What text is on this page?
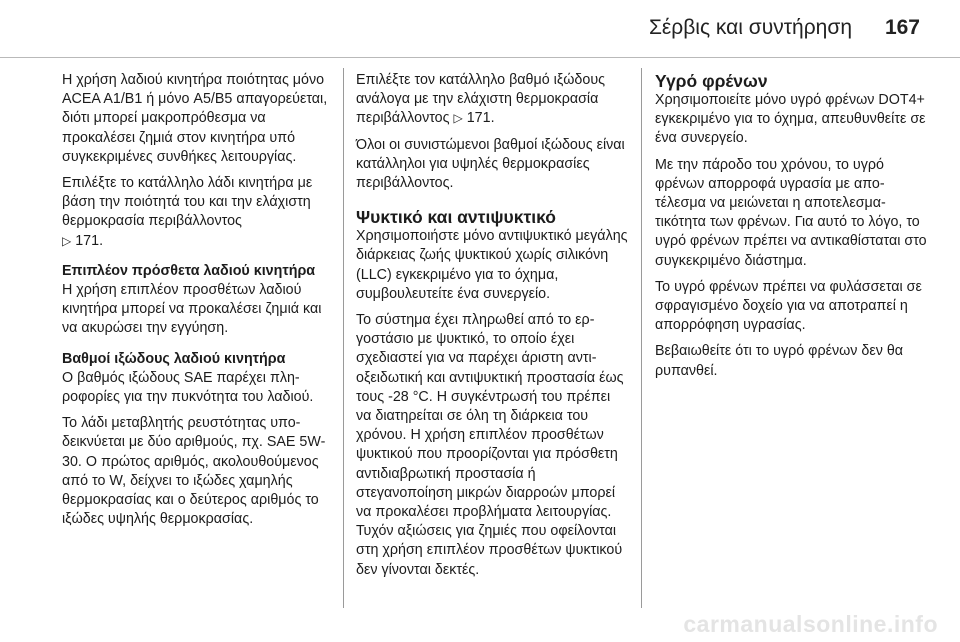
Σέρβις και συντήρηση 167

Η χρήση λαδιού κινητήρα ποιότητας μόνο ACEA A1/B1 ή μόνο A5/B5 απαγορεύεται, διότι μπορεί μακροπρόθεσμα να προκαλέσει ζημιά στον κινητήρα υπό συγκεκριμένες συνθήκες λειτουργίας.

Επιλέξτε το κατάλληλο λάδι κινητήρα με βάση την ποιότητά του και την ελάχιστη θερμοκρασία περιβάλλοντος
▷ 171.

Επιπλέον πρόσθετα λαδιού κινητήρα

Η χρήση επιπλέον προσθέτων λαδιού κινητήρα μπορεί να προκαλέσει ζημιά και να ακυρώσει την εγγύηση.

Βαθμοί ιξώδους λαδιού κινητήρα

Ο βαθμός ιξώδους SAE παρέχει πληροφορίες για την πυκνότητα του λαδιού.

Το λάδι μεταβλητής ρευστότητας υποδεικνύεται με δύο αριθμούς, πχ. SAE 5W-30. Ο πρώτος αριθμός, ακολουθούμενος από το W, δείχνει το ιξώδες χαμηλής θερμοκρασίας και ο δεύτερος αριθμός το ιξώδες υψηλής θερμοκρασίας.

Επιλέξτε τον κατάλληλο βαθμό ιξώδους ανάλογα με την ελάχιστη θερμοκρασία περιβάλλοντος ▷ 171.

Όλοι οι συνιστώμενοι βαθμοί ιξώδους είναι κατάλληλοι για υψηλές θερμοκρασίες περιβάλλοντος.

Ψυκτικό και αντιψυκτικό

Χρησιμοποιήστε μόνο αντιψυκτικό μεγάλης διάρκειας ζωής ψυκτικού χωρίς σιλικόνη (LLC) εγκεκριμένο για το όχημα, συμβουλευτείτε ένα συνεργείο.

Το σύστημα έχει πληρωθεί από το εργοστάσιο με ψυκτικό, το οποίο έχει σχεδιαστεί για να παρέχει άριστη αντιοξειδωτική και αντιψυκτική προστασία έως τους -28 °C. Η συγκέντρωσή του πρέπει να διατηρείται σε όλη τη διάρκεια του χρόνου. Η χρήση επιπλέον προσθέτων ψυκτικού που προορίζονται για πρόσθετη αντιδιαβρωτική προστασία ή στεγανοποίηση μικρών διαρροών μπορεί να προκαλέσει προβλήματα λειτουργίας. Τυχόν αξιώσεις για ζημιές που οφείλονται στη χρήση επιπλέον προσθέτων ψυκτικού δεν γίνονται δεκτές.

Υγρό φρένων

Χρησιμοποιείτε μόνο υγρό φρένων DOT4+ εγκεκριμένο για το όχημα, απευθυνθείτε σε ένα συνεργείο.

Με την πάροδο του χρόνου, το υγρό φρένων απορροφά υγρασία με αποτέλεσμα να μειώνεται η αποτελεσματικότητα των φρένων. Για αυτό το λόγο, το υγρό φρένων πρέπει να αντικαθίσταται στο συγκεκριμένο διάστημα.

Το υγρό φρένων πρέπει να φυλάσσεται σε σφραγισμένο δοχείο για να αποτραπεί η απορρόφηση υγρασίας.

Βεβαιωθείτε ότι το υγρό φρένων δεν θα ρυπανθεί.

carmanualsonline.info
